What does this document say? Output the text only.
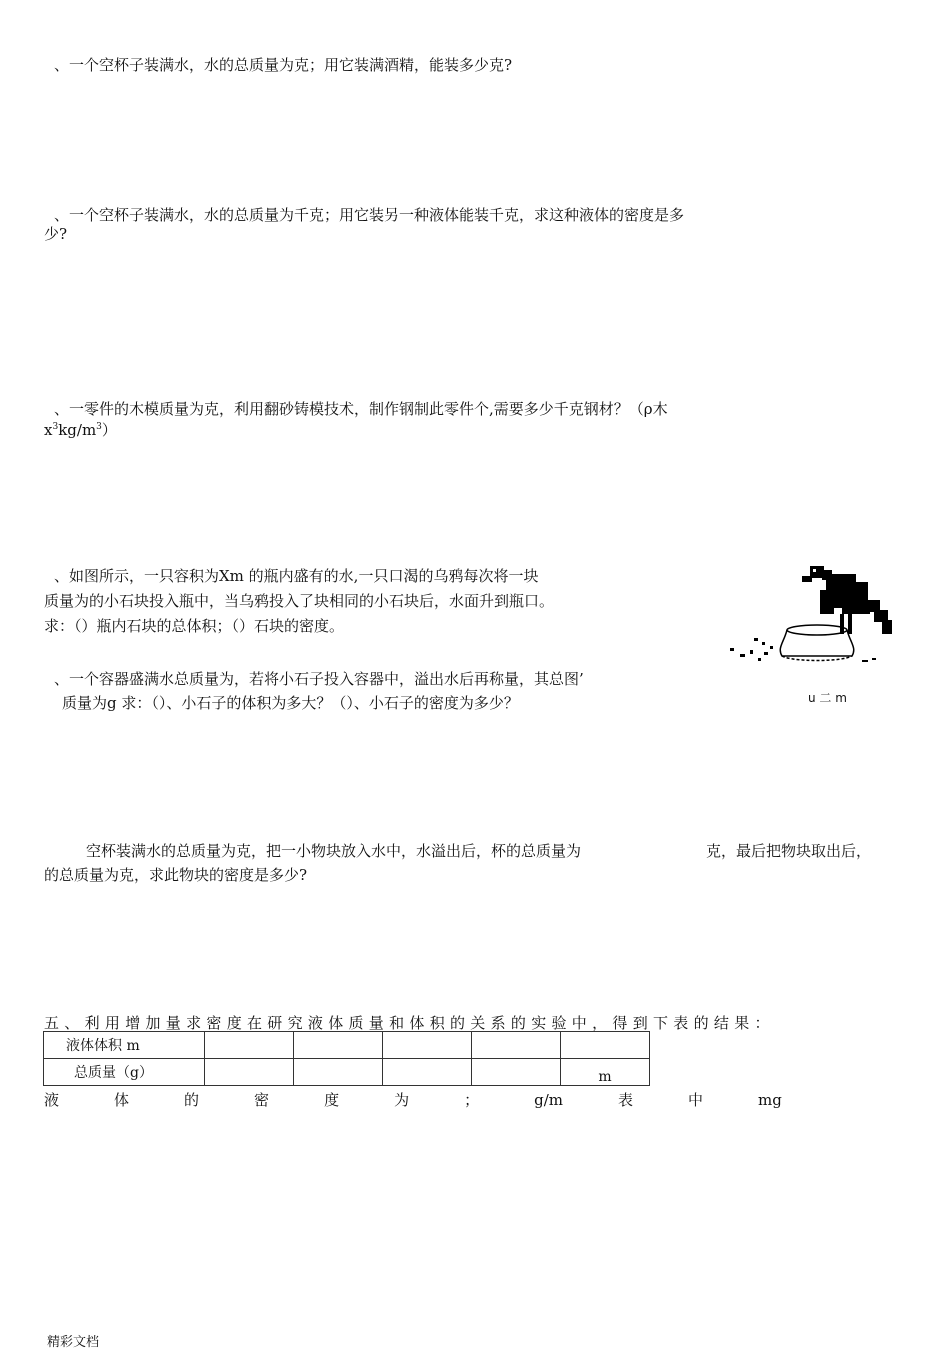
、一个空杯子装满水，水的总质量为克；用它装满酒精，能装多少克?
、一个空杯子装满水，水的总质量为千克；用它装另一种液体能装千克，求这种液体的密度是多
少?
、一零件的木模质量为克，利用翻砂铸模技术，制作钢制此零件个,需要多少千克钢材？（ρ木
$x^3kg/m^3$）
、如图所示，一只容积为Xm 的瓶内盛有的水,一只口渴的乌鸦每次将一块
质量为的小石块投入瓶中，当乌鸦投入了块相同的小石块后，水面升到瓶口。
求：（）瓶内石块的总体积；（）石块的密度。
u 二 m
、一个容器盛满水总质量为，若将小石子投入容器中，溢出水后再称量，其总图’
质量为g 求：（）、小石子的体积为多大？（）、小石子的密度为多少？
空杯装满水的总质量为克，把一小物块放入水中，水溢出后，杯的总质量为	克，最后把物块取出后，
的总质量为克，求此物块的密度是多少?
五、利用增加量求密度在研究液体质量和体积的关系的实验中，得到下表的结果：
液体体积 m					
总质量（g）					m
液	体	的	密	度	为	；	g/m	表	中	mg
精彩文档
